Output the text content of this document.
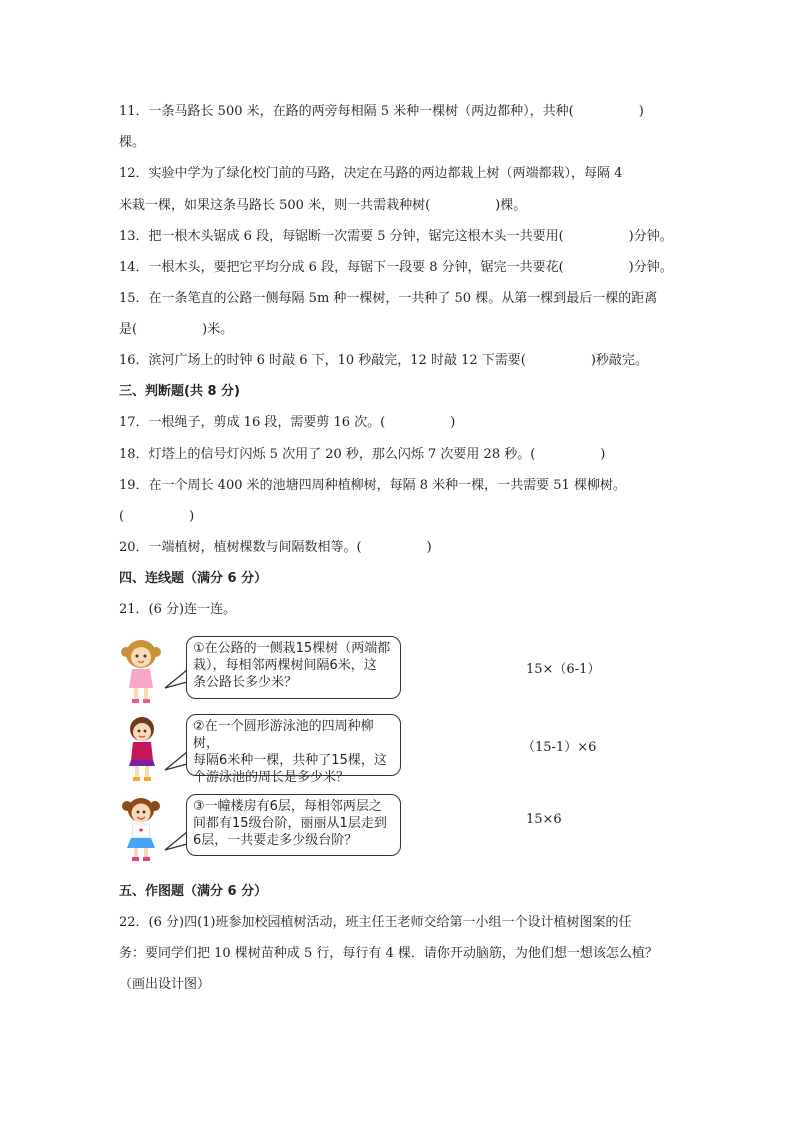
11．一条马路长 500 米，在路的两旁每相隔 5 米种一棵树（两边都种），共种(　　　　　)
棵。
12．实验中学为了绿化校门前的马路，决定在马路的两边都栽上树（两端都栽），每隔 4
米栽一棵，如果这条马路长 500 米，则一共需栽种树(　　　　　)棵。
13．把一根木头锯成 6 段，每锯断一次需要 5 分钟，锯完这根木头一共要用(　　　　　)分钟。
14．一根木头，要把它平均分成 6 段，每锯下一段要 8 分钟，锯完一共要花(　　　　　)分钟。
15．在一条笔直的公路一侧每隔 5m 种一棵树，一共种了 50 棵。从第一棵到最后一棵的距离
是(　　　　　)米。
16．滨河广场上的时钟 6 时敲 6 下，10 秒敲完，12 时敲 12 下需要(　　　　　)秒敲完。
三、判断题(共 8 分)
17．一根绳子，剪成 16 段，需要剪 16 次。(　　　　　)
18．灯塔上的信号灯闪烁 5 次用了 20 秒，那么闪烁 7 次要用 28 秒。(　　　　　)
19．在一个周长 400 米的池塘四周种植柳树，每隔 8 米种一棵，一共需要 51 棵柳树。
(　　　　　)
20．一端植树，植树棵数与间隔数相等。(　　　　　)
四、连线题（满分 6 分）
21．(6 分)连一连。
①在公路的一侧栽15棵树（两端都
栽），每相邻两棵树间隔6米，这
条公路长多少米？
15×（6-1）
②在一个圆形游泳池的四周种柳树，
每隔6米种一棵，共种了15棵，这
个游泳池的周长是多少米？
（15-1）×6
③一幢楼房有6层，每相邻两层之
间都有15级台阶，丽丽从1层走到
6层，一共要走多少级台阶？
15×6
五、作图题（满分 6 分）
22．(6 分)四(1)班参加校园植树活动，班主任王老师交给第一小组一个设计植树图案的任
务：要同学们把 10 棵树苗种成 5 行，每行有 4 棵．请你开动脑筋，为他们想一想该怎么植？
（画出设计图）
